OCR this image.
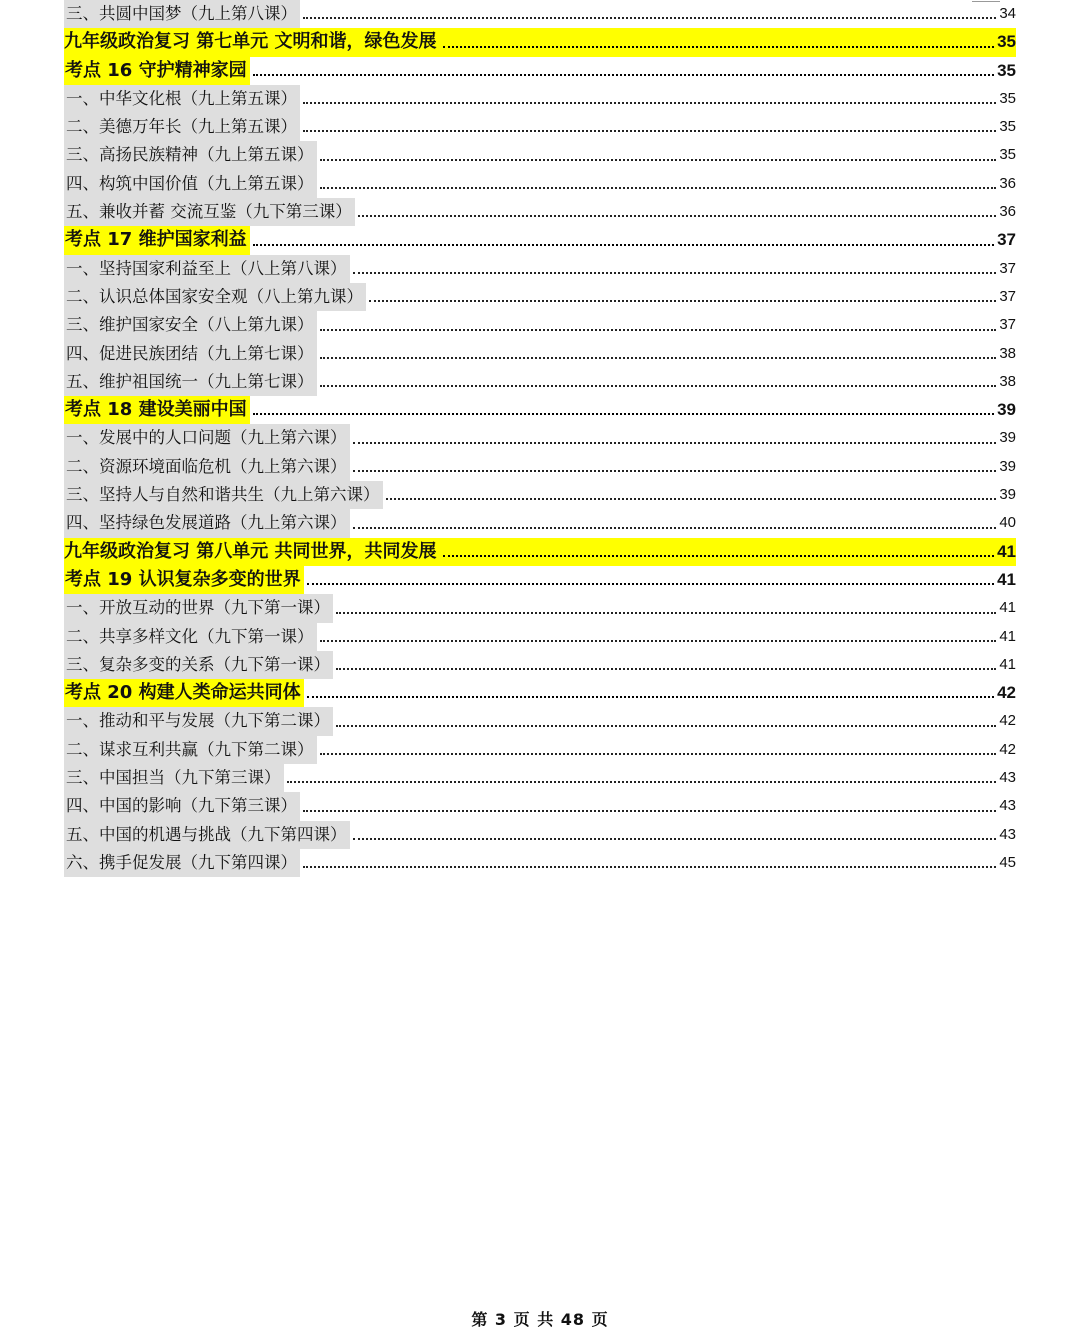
三、共圆中国梦（九上第八课）	34
九年级政治复习 第七单元 文明和谐，绿色发展	35
考点 16 守护精神家园	35
一、中华文化根（九上第五课）	35
二、美德万年长（九上第五课）	35
三、高扬民族精神（九上第五课）	35
四、构筑中国价值（九上第五课）	36
五、兼收并蓄 交流互鉴（九下第三课）	36
考点 17 维护国家利益	37
一、坚持国家利益至上（八上第八课）	37
二、认识总体国家安全观（八上第九课）	37
三、维护国家安全（八上第九课）	37
四、促进民族团结（九上第七课）	38
五、维护祖国统一（九上第七课）	38
考点 18 建设美丽中国	39
一、发展中的人口问题（九上第六课）	39
二、资源环境面临危机（九上第六课）	39
三、坚持人与自然和谐共生（九上第六课）	39
四、坚持绿色发展道路（九上第六课）	40
九年级政治复习 第八单元 共同世界，共同发展	41
考点 19 认识复杂多变的世界	41
一、开放互动的世界（九下第一课）	41
二、共享多样文化（九下第一课）	41
三、复杂多变的关系（九下第一课）	41
考点 20 构建人类命运共同体	42
一、推动和平与发展（九下第二课）	42
二、谋求互利共赢（九下第二课）	42
三、中国担当（九下第三课）	43
四、中国的影响（九下第三课）	43
五、中国的机遇与挑战（九下第四课）	43
六、携手促发展（九下第四课）	45
第 3 页 共 48 页
